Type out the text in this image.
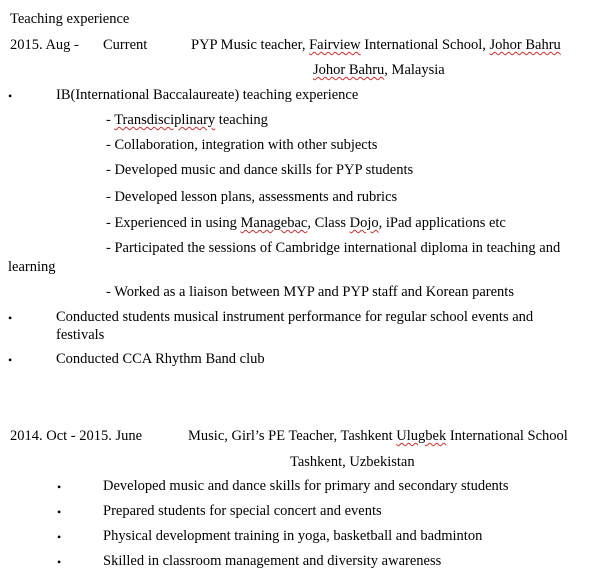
Teaching experience
2015. Aug - Current	PYP Music teacher, Fairview International School, Johor Bahru
Johor Bahru, Malaysia
•	IB(International Baccalaureate) teaching experience
- Transdisciplinary teaching
- Collaboration, integration with other subjects
- Developed music and dance skills for PYP students
- Developed lesson plans, assessments and rubrics
- Experienced in using Managebac, Class Dojo, iPad applications etc
- Participated the sessions of Cambridge international diploma in teaching and
learning
- Worked as a liaison between MYP and PYP staff and Korean parents
•	Conducted students musical instrument performance for regular school events and
festivals
•	Conducted CCA Rhythm Band club
2014. Oct - 2015. June	Music, Girl’s PE Teacher, Tashkent Ulugbek International School
Tashkent, Uzbekistan
•	Developed music and dance skills for primary and secondary students
•	Prepared students for special concert and events
•	Physical development training in yoga, basketball and badminton
•	Skilled in classroom management and diversity awareness
